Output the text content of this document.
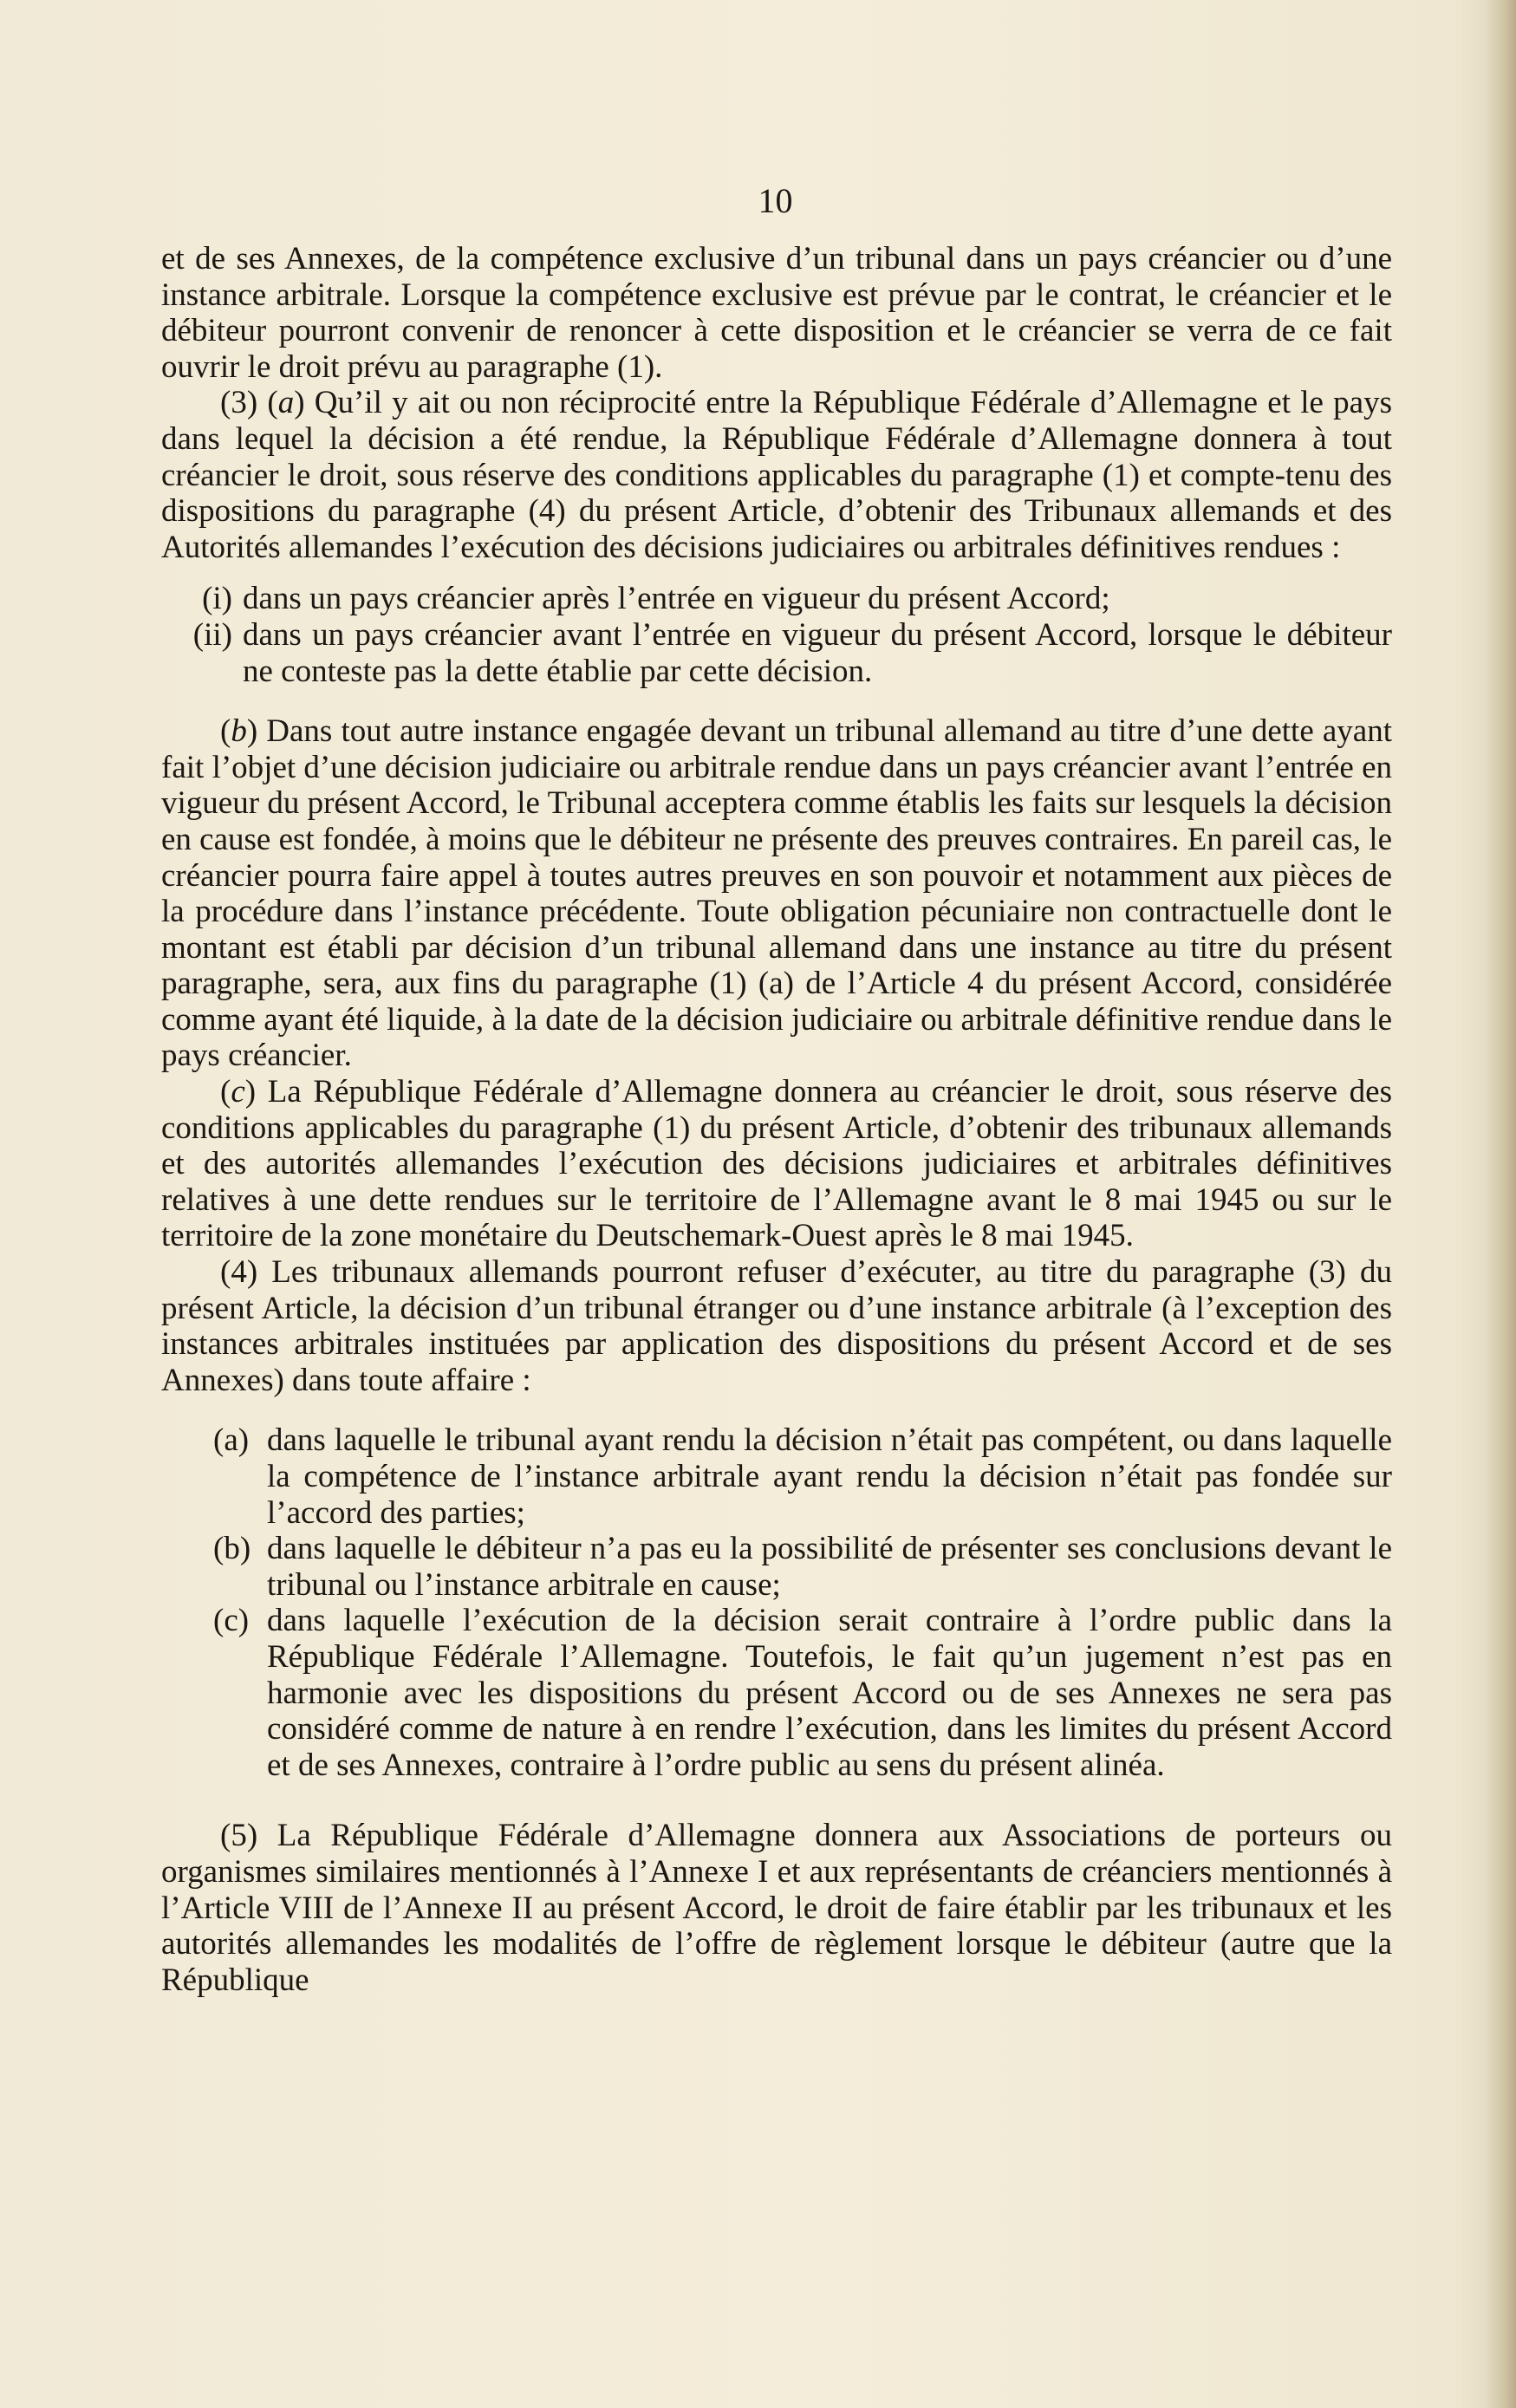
10

et de ses Annexes, de la compétence exclusive d’un tribunal dans un pays créancier ou d’une instance arbitrale. Lorsque la compétence exclusive est prévue par le contrat, le créancier et le débiteur pourront convenir de renoncer à cette disposition et le créancier se verra de ce fait ouvrir le droit prévu au paragraphe (1).

(3) (a) Qu’il y ait ou non réciprocité entre la République Fédérale d’Allemagne et le pays dans lequel la décision a été rendue, la République Fédérale d’Allemagne donnera à tout créancier le droit, sous réserve des conditions applicables du paragraphe (1) et compte-tenu des dispositions du paragraphe (4) du présent Article, d’obtenir des Tribunaux allemands et des Autorités allemandes l’exécution des décisions judiciaires ou arbitrales définitives rendues :

(i) dans un pays créancier après l’entrée en vigueur du présent Accord;
(ii) dans un pays créancier avant l’entrée en vigueur du présent Accord, lorsque le débiteur ne conteste pas la dette établie par cette décision.

(b) Dans tout autre instance engagée devant un tribunal allemand au titre d’une dette ayant fait l’objet d’une décision judiciaire ou arbitrale rendue dans un pays créancier avant l’entrée en vigueur du présent Accord, le Tribunal acceptera comme établis les faits sur lesquels la décision en cause est fondée, à moins que le débiteur ne présente des preuves contraires. En pareil cas, le créancier pourra faire appel à toutes autres preuves en son pouvoir et notamment aux pièces de la procédure dans l’instance précédente. Toute obligation pécuniaire non contractuelle dont le montant est établi par décision d’un tribunal allemand dans une instance au titre du présent paragraphe, sera, aux fins du paragraphe (1) (a) de l’Article 4 du présent Accord, considérée comme ayant été liquide, à la date de la décision judiciaire ou arbitrale définitive rendue dans le pays créancier.

(c) La République Fédérale d’Allemagne donnera au créancier le droit, sous réserve des conditions applicables du paragraphe (1) du présent Article, d’obtenir des tribunaux allemands et des autorités allemandes l’exécution des décisions judiciaires et arbitrales définitives relatives à une dette rendues sur le territoire de l’Allemagne avant le 8 mai 1945 ou sur le territoire de la zone monétaire du Deutschemark-Ouest après le 8 mai 1945.

(4) Les tribunaux allemands pourront refuser d’exécuter, au titre du paragraphe (3) du présent Article, la décision d’un tribunal étranger ou d’une instance arbitrale (à l’exception des instances arbitrales instituées par application des dispositions du présent Accord et de ses Annexes) dans toute affaire :

(a) dans laquelle le tribunal ayant rendu la décision n’était pas compétent, ou dans laquelle la compétence de l’instance arbitrale ayant rendu la décision n’était pas fondée sur l’accord des parties;
(b) dans laquelle le débiteur n’a pas eu la possibilité de présenter ses conclusions devant le tribunal ou l’instance arbitrale en cause;
(c) dans laquelle l’exécution de la décision serait contraire à l’ordre public dans la République Fédérale l’Allemagne. Toutefois, le fait qu’un jugement n’est pas en harmonie avec les dispositions du présent Accord ou de ses Annexes ne sera pas considéré comme de nature à en rendre l’exécution, dans les limites du présent Accord et de ses Annexes, contraire à l’ordre public au sens du présent alinéa.

(5) La République Fédérale d’Allemagne donnera aux Associations de porteurs ou organismes similaires mentionnés à l’Annexe I et aux représentants de créanciers mentionnés à l’Article VIII de l’Annexe II au présent Accord, le droit de faire établir par les tribunaux et les autorités allemandes les modalités de l’offre de règlement lorsque le débiteur (autre que la République
